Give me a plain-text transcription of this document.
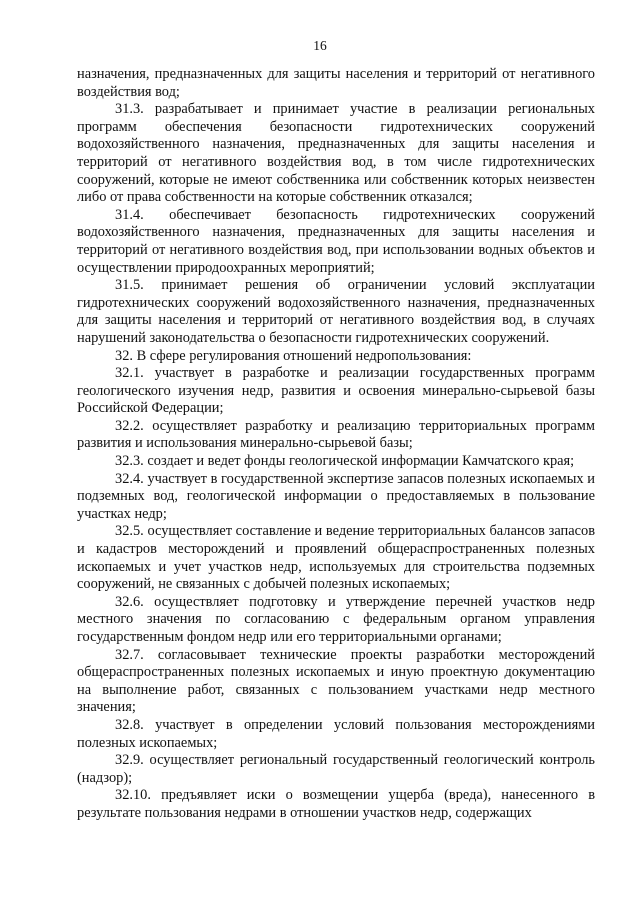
16

назначения, предназначенных для защиты населения и территорий от негативного воздействия вод;

31.3. разрабатывает и принимает участие в реализации региональных программ обеспечения безопасности гидротехнических сооружений водохозяйственного назначения, предназначенных для защиты населения и территорий от негативного воздействия вод, в том числе гидротехнических сооружений, которые не имеют собственника или собственник которых неизвестен либо от права собственности на которые собственник отказался;

31.4. обеспечивает безопасность гидротехнических сооружений водохозяйственного назначения, предназначенных для защиты населения и территорий от негативного воздействия вод, при использовании водных объектов и осуществлении природоохранных мероприятий;

31.5. принимает решения об ограничении условий эксплуатации гидротехнических сооружений водохозяйственного назначения, предназначенных для защиты населения и территорий от негативного воздействия вод, в случаях нарушений законодательства о безопасности гидротехнических сооружений.

32. В сфере регулирования отношений недропользования:

32.1. участвует в разработке и реализации государственных программ геологического изучения недр, развития и освоения минерально-сырьевой базы Российской Федерации;

32.2. осуществляет разработку и реализацию территориальных программ развития и использования минерально-сырьевой базы;

32.3. создает и ведет фонды геологической информации Камчатского края;

32.4. участвует в государственной экспертизе запасов полезных ископаемых и подземных вод, геологической информации о предоставляемых в пользование участках недр;

32.5. осуществляет составление и ведение территориальных балансов запасов и кадастров месторождений и проявлений общераспространенных полезных ископаемых и учет участков недр, используемых для строительства подземных сооружений, не связанных с добычей полезных ископаемых;

32.6. осуществляет подготовку и утверждение перечней участков недр местного значения по согласованию с федеральным органом управления государственным фондом недр или его территориальными органами;

32.7. согласовывает технические проекты разработки месторождений общераспространенных полезных ископаемых и иную проектную документацию на выполнение работ, связанных с пользованием участками недр местного значения;

32.8. участвует в определении условий пользования месторождениями полезных ископаемых;

32.9. осуществляет региональный государственный геологический контроль (надзор);

32.10. предъявляет иски о возмещении ущерба (вреда), нанесенного в результате пользования недрами в отношении участков недр, содержащих
